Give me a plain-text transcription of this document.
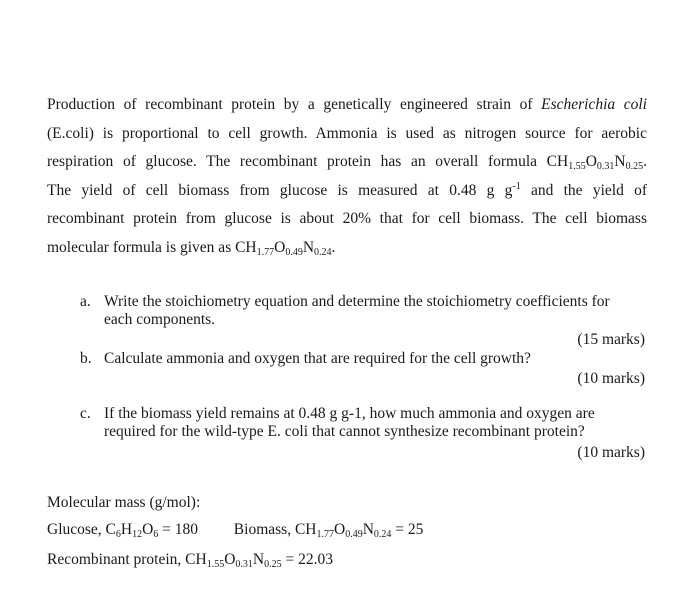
Production of recombinant protein by a genetically engineered strain of Escherichia coli
(E.coli) is proportional to cell growth. Ammonia is used as nitrogen source for aerobic
respiration of glucose. The recombinant protein has an overall formula $CH_{1.55}O_{0.31}N_{0.25}$.
The yield of cell biomass from glucose is measured at 0.48 g $g^{-1}$ and the yield of
recombinant protein from glucose is about 20% that for cell biomass. The cell biomass
molecular formula is given as $CH_{1.77}O_{0.49}N_{0.24}$.

a. Write the stoichiometry equation and determine the stoichiometry coefficients for
each components.
(15 marks)
b. Calculate ammonia and oxygen that are required for the cell growth?
(10 marks)
c. If the biomass yield remains at 0.48 g g-1, how much ammonia and oxygen are
required for the wild-type E. coli that cannot synthesize recombinant protein?
(10 marks)
Molecular mass (g/mol):
Glucose, $C_6H_{12}O_6 = 180$ Biomass, $CH_{1.77}O_{0.49}N_{0.24} = 25$
Recombinant protein, $CH_{1.55}O_{0.31}N_{0.25} = 22.03$
